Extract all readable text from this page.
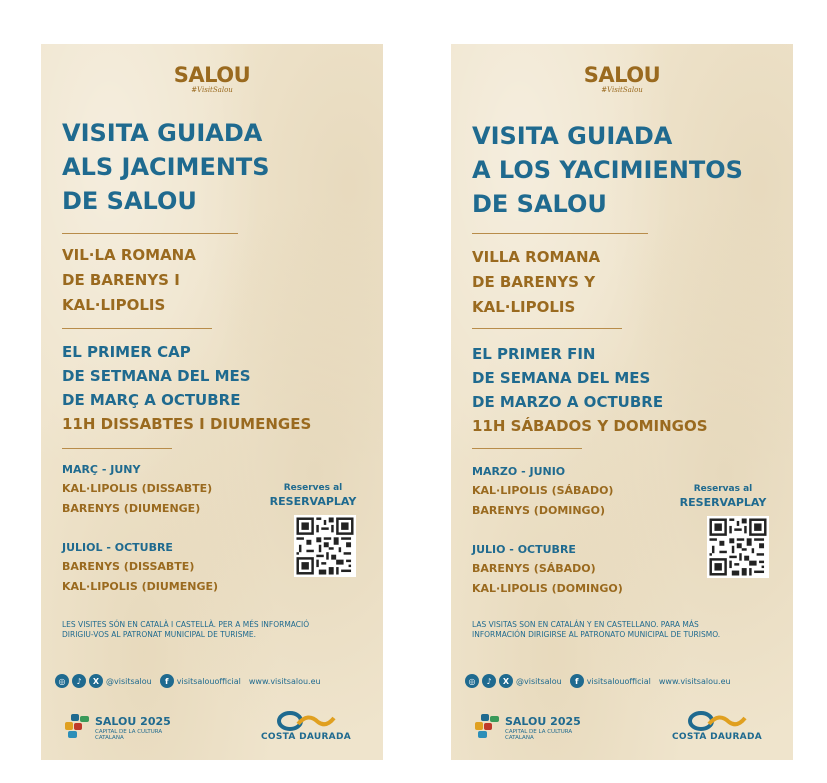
SALOU
#VisitSalou
VISITA GUIADA
ALS JACIMENTS
DE SALOU
VIL·LA ROMANA
DE BARENYS I
KAL·LIPOLIS
EL PRIMER CAP
DE SETMANA DEL MES
DE MARÇ A OCTUBRE
11H DISSABTES I DIUMENGES
MARÇ - JUNY
KAL·LIPOLIS (DISSABTE)
BARENYS (DIUMENGE)
JULIOL - OCTUBRE
BARENYS (DISSABTE)
KAL·LIPOLIS (DIUMENGE)
Reserves al
RESERVAPLAY
LES VISITES SÓN EN CATALÀ I CASTELLÀ. PER A MÉS INFORMACIÓ DIRIGIU-VOS AL PATRONAT MUNICIPAL DE TURISME.
◎	♪	X @visitsalou	f	visitsalouofficial www.visitsalou.eu
SALOU 2025
CAPITAL DE LA CULTURA CATALANA	COSTA DAURADA
SALOU
#VisitSalou
VISITA GUIADA
A LOS YACIMIENTOS
DE SALOU
VILLA ROMANA
DE BARENYS Y
KAL·LIPOLIS
EL PRIMER FIN
DE SEMANA DEL MES
DE MARZO A OCTUBRE
11H SÁBADOS Y DOMINGOS
MARZO - JUNIO
KAL·LIPOLIS (SÁBADO)
BARENYS (DOMINGO)
JULIO - OCTUBRE
BARENYS (SÁBADO)
KAL·LIPOLIS (DOMINGO)
Reservas al
RESERVAPLAY
LAS VISITAS SON EN CATALÁN Y EN CASTELLANO. PARA MÁS INFORMACIÓN DIRIGIRSE AL PATRONATO MUNICIPAL DE TURISMO.
◎	♪	X @visitsalou	f	visitsalouofficial www.visitsalou.eu
SALOU 2025
CAPITAL DE LA CULTURA CATALANA	COSTA DAURADA
